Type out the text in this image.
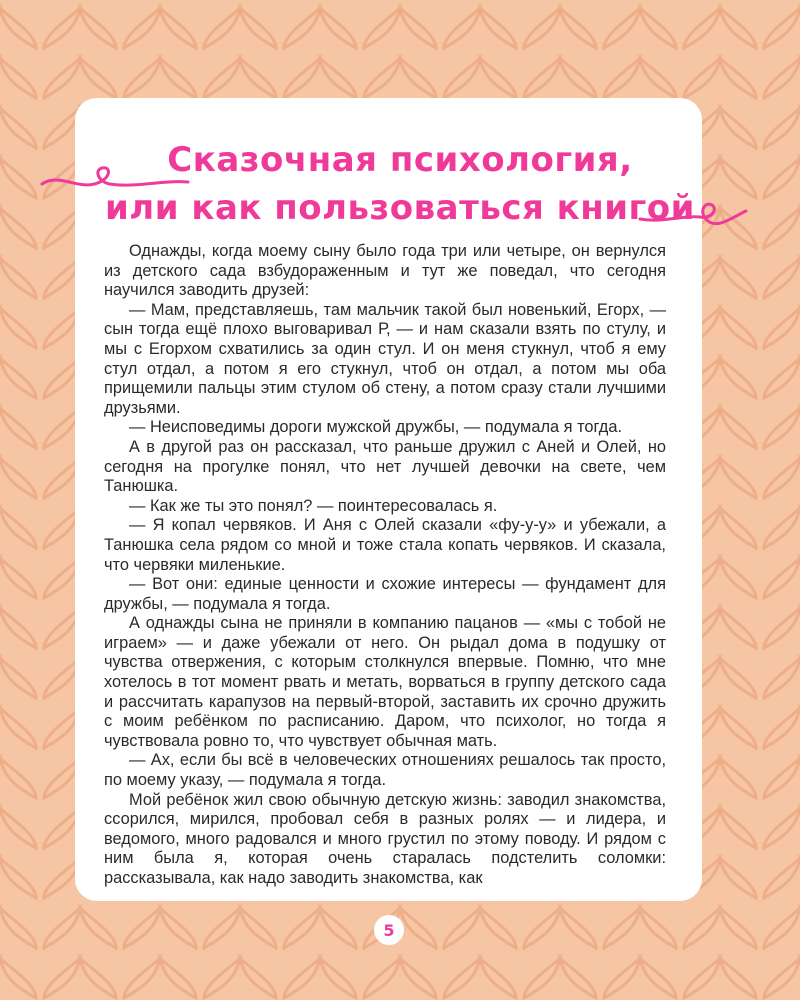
Сказочная психология,
или как пользоваться книгой

Однажды, когда моему сыну было года три или четыре, он вернулся из детского сада взбудораженным и тут же поведал, что сегодня научился заводить друзей:

— Мам, представляешь, там мальчик такой был новенький, Егорх, — сын тогда ещё плохо выговаривал Р, — и нам сказали взять по стулу, и мы с Егорхом схватились за один стул. И он меня стукнул, чтоб я ему стул отдал, а потом я его стукнул, чтоб он отдал, а потом мы оба прищемили пальцы этим стулом об стену, а потом сразу стали лучшими друзьями.

— Неисповедимы дороги мужской дружбы, — подумала я тогда.

А в другой раз он рассказал, что раньше дружил с Аней и Олей, но сегодня на прогулке понял, что нет лучшей девочки на свете, чем Танюшка.

— Как же ты это понял? — поинтересовалась я.

— Я копал червяков. И Аня с Олей сказали «фу-у-у» и убежали, а Танюшка села рядом со мной и тоже стала копать червяков. И сказала, что червяки миленькие.

— Вот они: единые ценности и схожие интересы — фундамент для дружбы, — подумала я тогда.

А однажды сына не приняли в компанию пацанов — «мы с тобой не играем» — и даже убежали от него. Он рыдал дома в подушку от чувства отвержения, с которым столкнулся впервые. Помню, что мне хотелось в тот момент рвать и метать, ворваться в группу детского сада и рассчитать карапузов на первый-второй, заставить их срочно дружить с моим ребёнком по расписанию. Даром, что психолог, но тогда я чувствовала ровно то, что чувствует обычная мать.

— Ах, если бы всё в человеческих отношениях решалось так просто, по моему указу, — подумала я тогда.

Мой ребёнок жил свою обычную детскую жизнь: заводил знакомства, ссорился, мирился, пробовал себя в разных ролях — и лидера, и ведомого, много радовался и много грустил по этому поводу. И рядом с ним была я, которая очень старалась подстелить соломки: рассказывала, как надо заводить знакомства, как

5
